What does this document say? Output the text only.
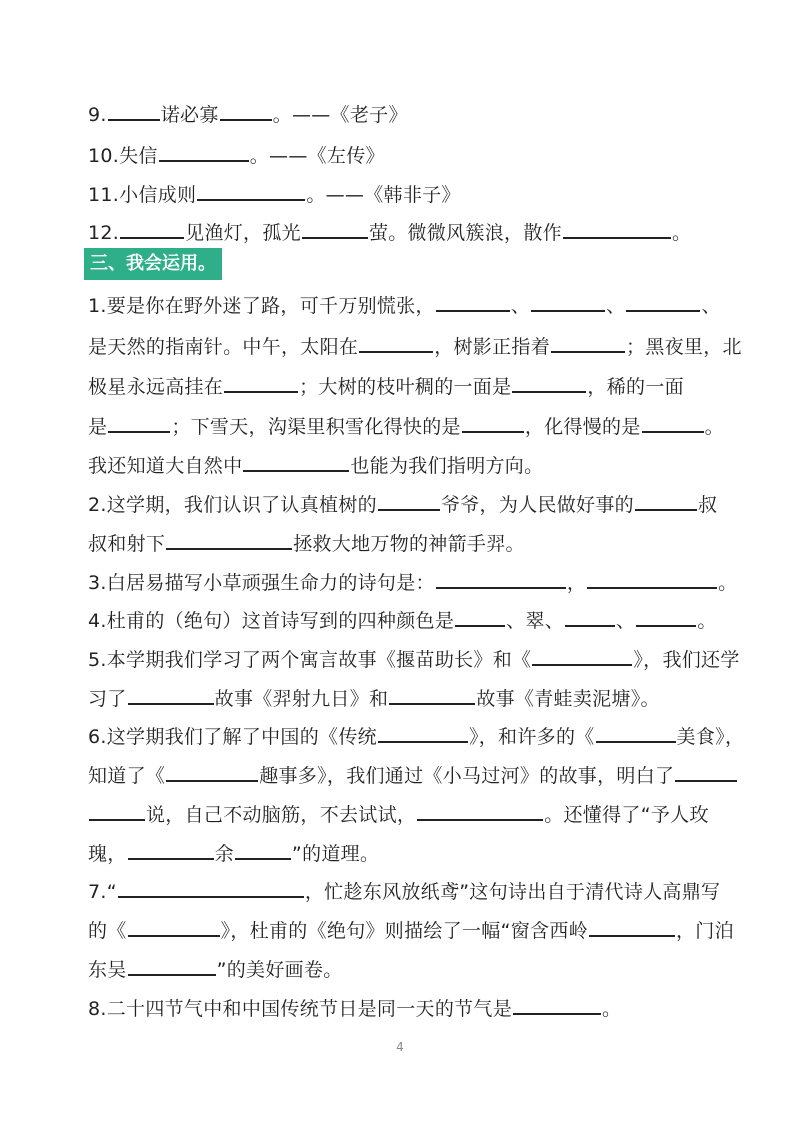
9.	诺必寡	。——《老子》
10.失信	。——《左传》
11.小信成则	。——《韩非子》
12.	见渔灯，孤光	萤。微微风簇浪，散作	。
三、我会运用。
1.要是你在野外迷了路，可千万别慌张，	、	、	、
是天然的指南针。中午，太阳在	，树影正指着	；黑夜里，北
极星永远高挂在	；大树的枝叶稠的一面是	，稀的一面
是	；下雪天，沟渠里积雪化得快的是	，化得慢的是	。
我还知道大自然中	也能为我们指明方向。
2.这学期，我们认识了认真植树的	爷爷，为人民做好事的	叔
叔和射下	拯救大地万物的神箭手羿。
3.白居易描写小草顽强生命力的诗句是：	，	。
4.杜甫的（绝句）这首诗写到的四种颜色是	、翠、	、	。
5.本学期我们学习了两个寓言故事《揠苗助长》和《	》，我们还学
习了	故事《羿射九日》和	故事《青蛙卖泥塘》。
6.这学期我们了解了中国的《传统	》，和许多的《	美食》，
知道了《	趣事多》，我们通过《小马过河》的故事，明白了
说，自己不动脑筋，不去试试，	。还懂得了“予人玫
瑰，	余	”的道理。
7.“	，忙趁东风放纸鸢”这句诗出自于清代诗人高鼎写
的《	》，杜甫的《绝句》则描绘了一幅“窗含西岭	，门泊
东吴	”的美好画卷。
8.二十四节气中和中国传统节日是同一天的节气是	。
4
